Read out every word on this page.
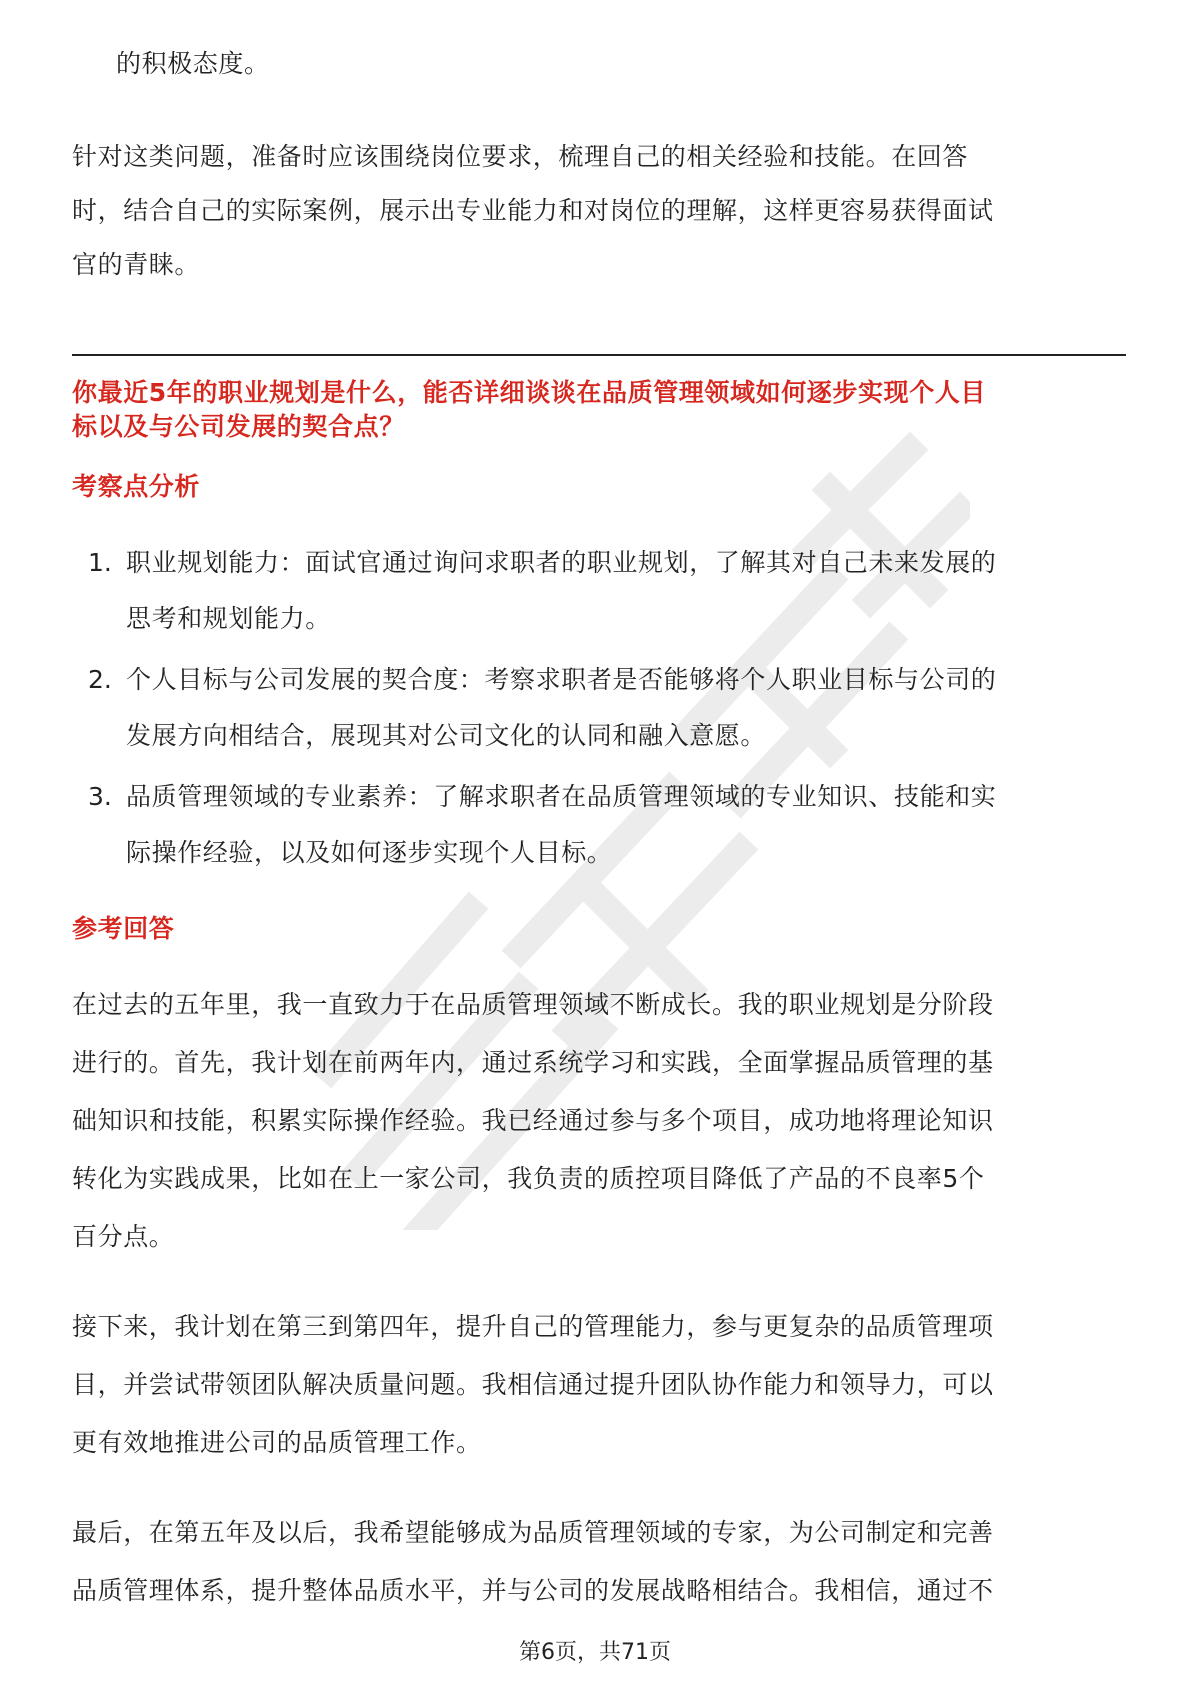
的积极态度。
针对这类问题，准备时应该围绕岗位要求，梳理自己的相关经验和技能。在回答
时，结合自己的实际案例，展示出专业能力和对岗位的理解，这样更容易获得面试
官的青睐。
你最近5年的职业规划是什么，能否详细谈谈在品质管理领域如何逐步实现个人目
标以及与公司发展的契合点？
考察点分析
1. 职业规划能力：面试官通过询问求职者的职业规划，了解其对自己未来发展的
思考和规划能力。
2. 个人目标与公司发展的契合度：考察求职者是否能够将个人职业目标与公司的
发展方向相结合，展现其对公司文化的认同和融入意愿。
3. 品质管理领域的专业素养：了解求职者在品质管理领域的专业知识、技能和实
际操作经验，以及如何逐步实现个人目标。
参考回答
在过去的五年里，我一直致力于在品质管理领域不断成长。我的职业规划是分阶段
进行的。首先，我计划在前两年内，通过系统学习和实践，全面掌握品质管理的基
础知识和技能，积累实际操作经验。我已经通过参与多个项目，成功地将理论知识
转化为实践成果，比如在上一家公司，我负责的质控项目降低了产品的不良率5个
百分点。
接下来，我计划在第三到第四年，提升自己的管理能力，参与更复杂的品质管理项
目，并尝试带领团队解决质量问题。我相信通过提升团队协作能力和领导力，可以
更有效地推进公司的品质管理工作。
最后，在第五年及以后，我希望能够成为品质管理领域的专家，为公司制定和完善
品质管理体系，提升整体品质水平，并与公司的发展战略相结合。我相信，通过不
第6页，共71页
